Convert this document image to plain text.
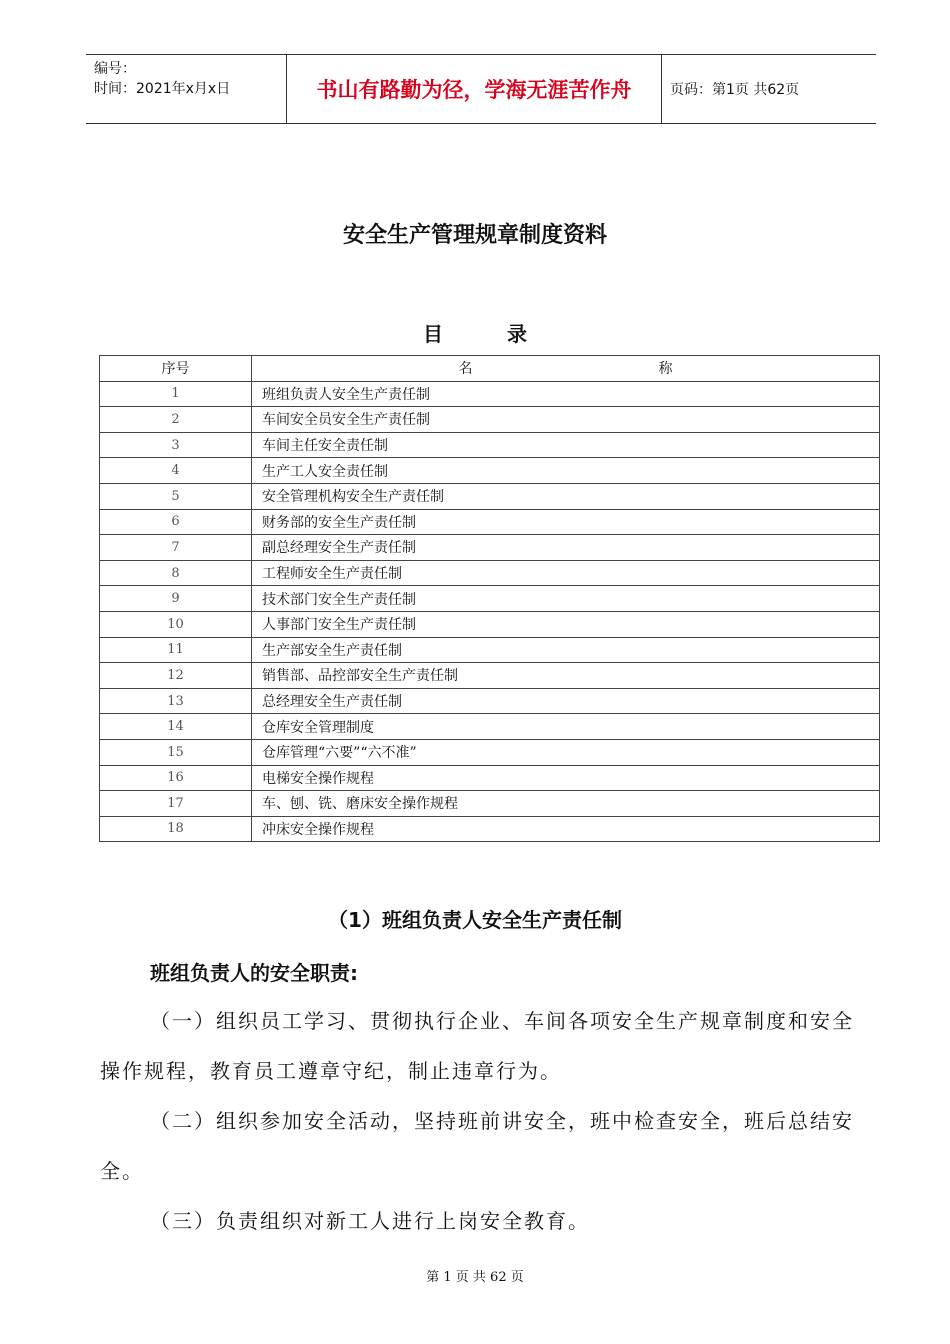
编号：
时间：2021年x月x日	书山有路勤为径，学海无涯苦作舟	页码：第1页 共62页
安全生产管理规章制度资料
目录
序号	名 称
1	班组负责人安全生产责任制
2	车间安全员安全生产责任制
3	车间主任安全责任制
4	生产工人安全责任制
5	安全管理机构安全生产责任制
6	财务部的安全生产责任制
7	副总经理安全生产责任制
8	工程师安全生产责任制
9	技术部门安全生产责任制
10	人事部门安全生产责任制
11	生产部安全生产责任制
12	销售部、品控部安全生产责任制
13	总经理安全生产责任制
14	仓库安全管理制度
15	仓库管理“六要”“六不准”
16	电梯安全操作规程
17	车、刨、铣、磨床安全操作规程
18	冲床安全操作规程
（1）班组负责人安全生产责任制
班组负责人的安全职责:
（一）组织员工学习、贯彻执行企业、车间各项安全生产规章制度和安全操作规程，教育员工遵章守纪，制止违章行为。
（二）组织参加安全活动，坚持班前讲安全，班中检查安全，班后总结安全。
（三）负责组织对新工人进行上岗安全教育。
第 1 页 共 62 页
